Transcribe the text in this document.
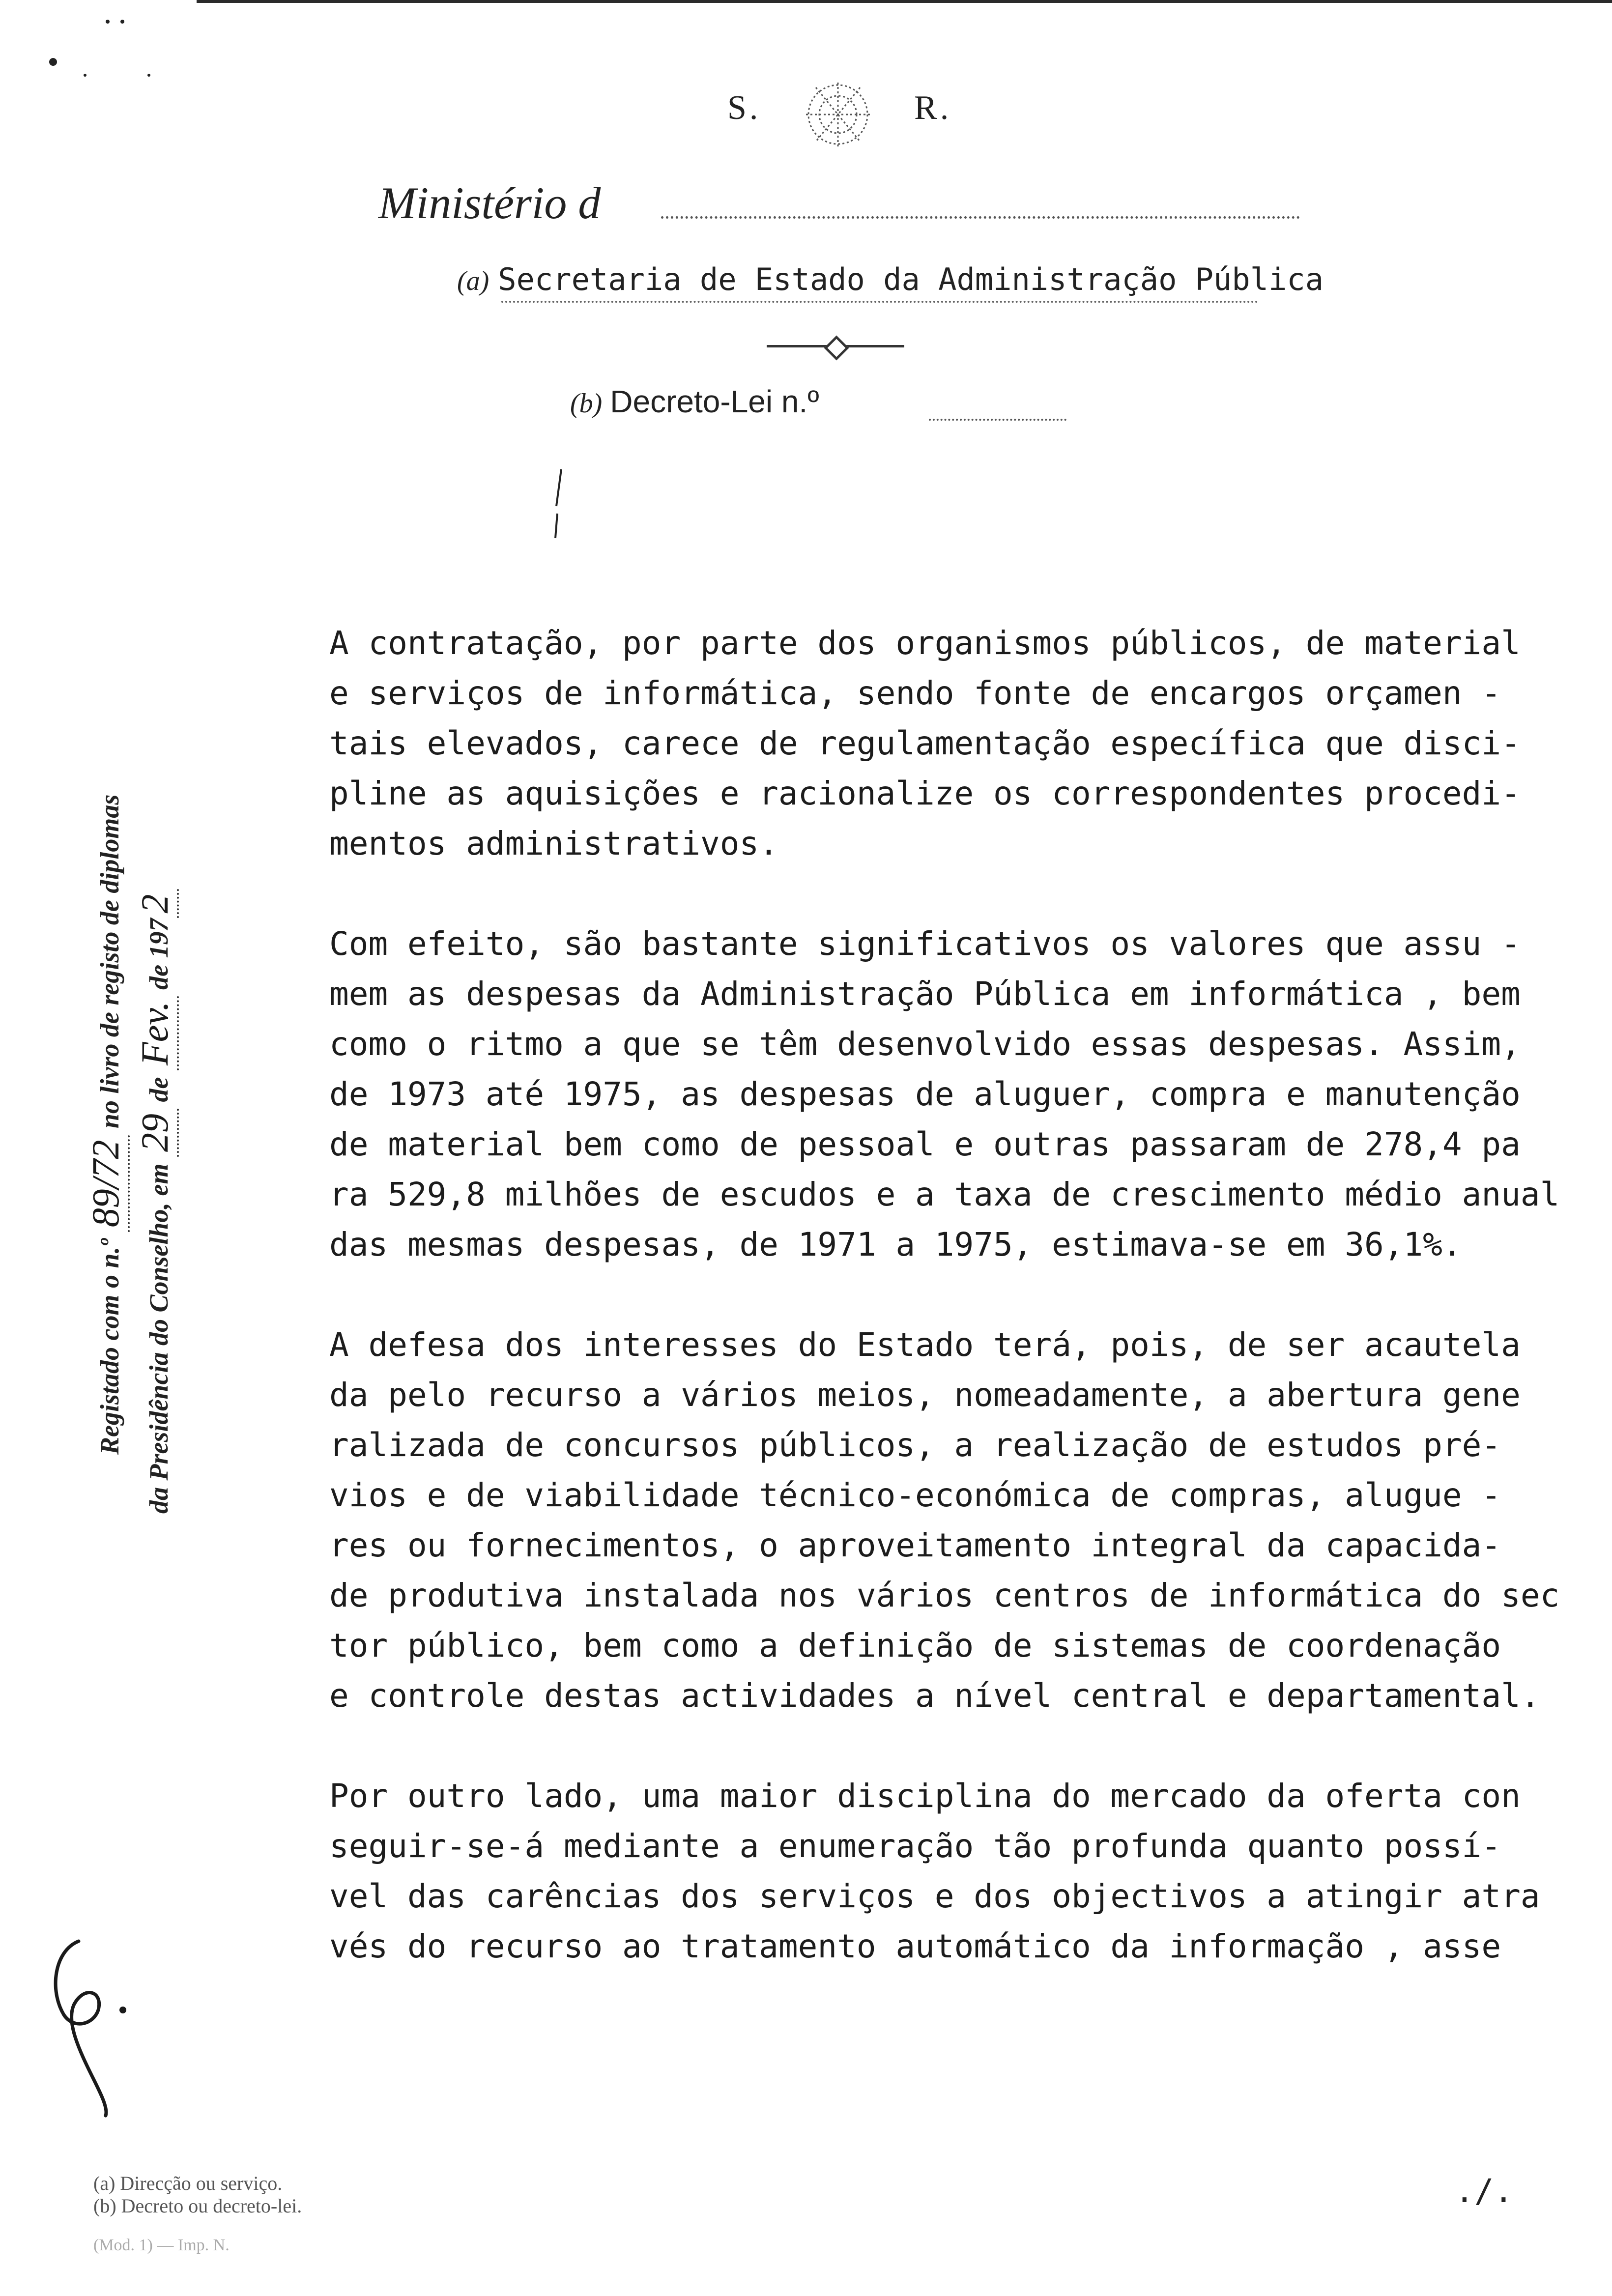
S.	R.
Ministério d
(a) Secretaria de Estado da Administração Pública
(b) Decreto-Lei n.º
Registado com o n.º 89/72 no livro de registo de diplomas
da Presidência do Conselho, em 29 de Fev. de 1972

A contratação, por parte dos organismos públicos, de material
e serviços de informática, sendo fonte de encargos orçamen -
tais elevados, carece de regulamentação específica que disci-
pline as aquisições e racionalize os correspondentes procedi-
mentos administrativos.

Com efeito, são bastante significativos os valores que assu -
mem as despesas da Administração Pública em informática , bem
como o ritmo a que se têm desenvolvido essas despesas. Assim,
de 1973 até 1975, as despesas de aluguer, compra e manutenção
de material bem como de pessoal e outras passaram de 278,4 pa
ra 529,8 milhões de escudos e a taxa de crescimento médio anual
das mesmas despesas, de 1971 a 1975, estimava-se em 36,1%.

A defesa dos interesses do Estado terá, pois, de ser acautela
da pelo recurso a vários meios, nomeadamente, a abertura gene
ralizada de concursos públicos, a realização de estudos pré-
vios e de viabilidade técnico-económica de compras, alugue -
res ou fornecimentos, o aproveitamento integral da capacida-
de produtiva instalada nos vários centros de informática do sec
tor público, bem como a definição de sistemas de coordenação
e controle destas actividades a nível central e departamental.

Por outro lado, uma maior disciplina do mercado da oferta con
seguir-se-á mediante a enumeração tão profunda quanto possí-
vel das carências dos serviços e dos objectivos a atingir atra
vés do recurso ao tratamento automático da informação , asse

(a) Direcção ou serviço.
(b) Decreto ou decreto-lei.
(Mod. 1) — Imp. N.
./.
